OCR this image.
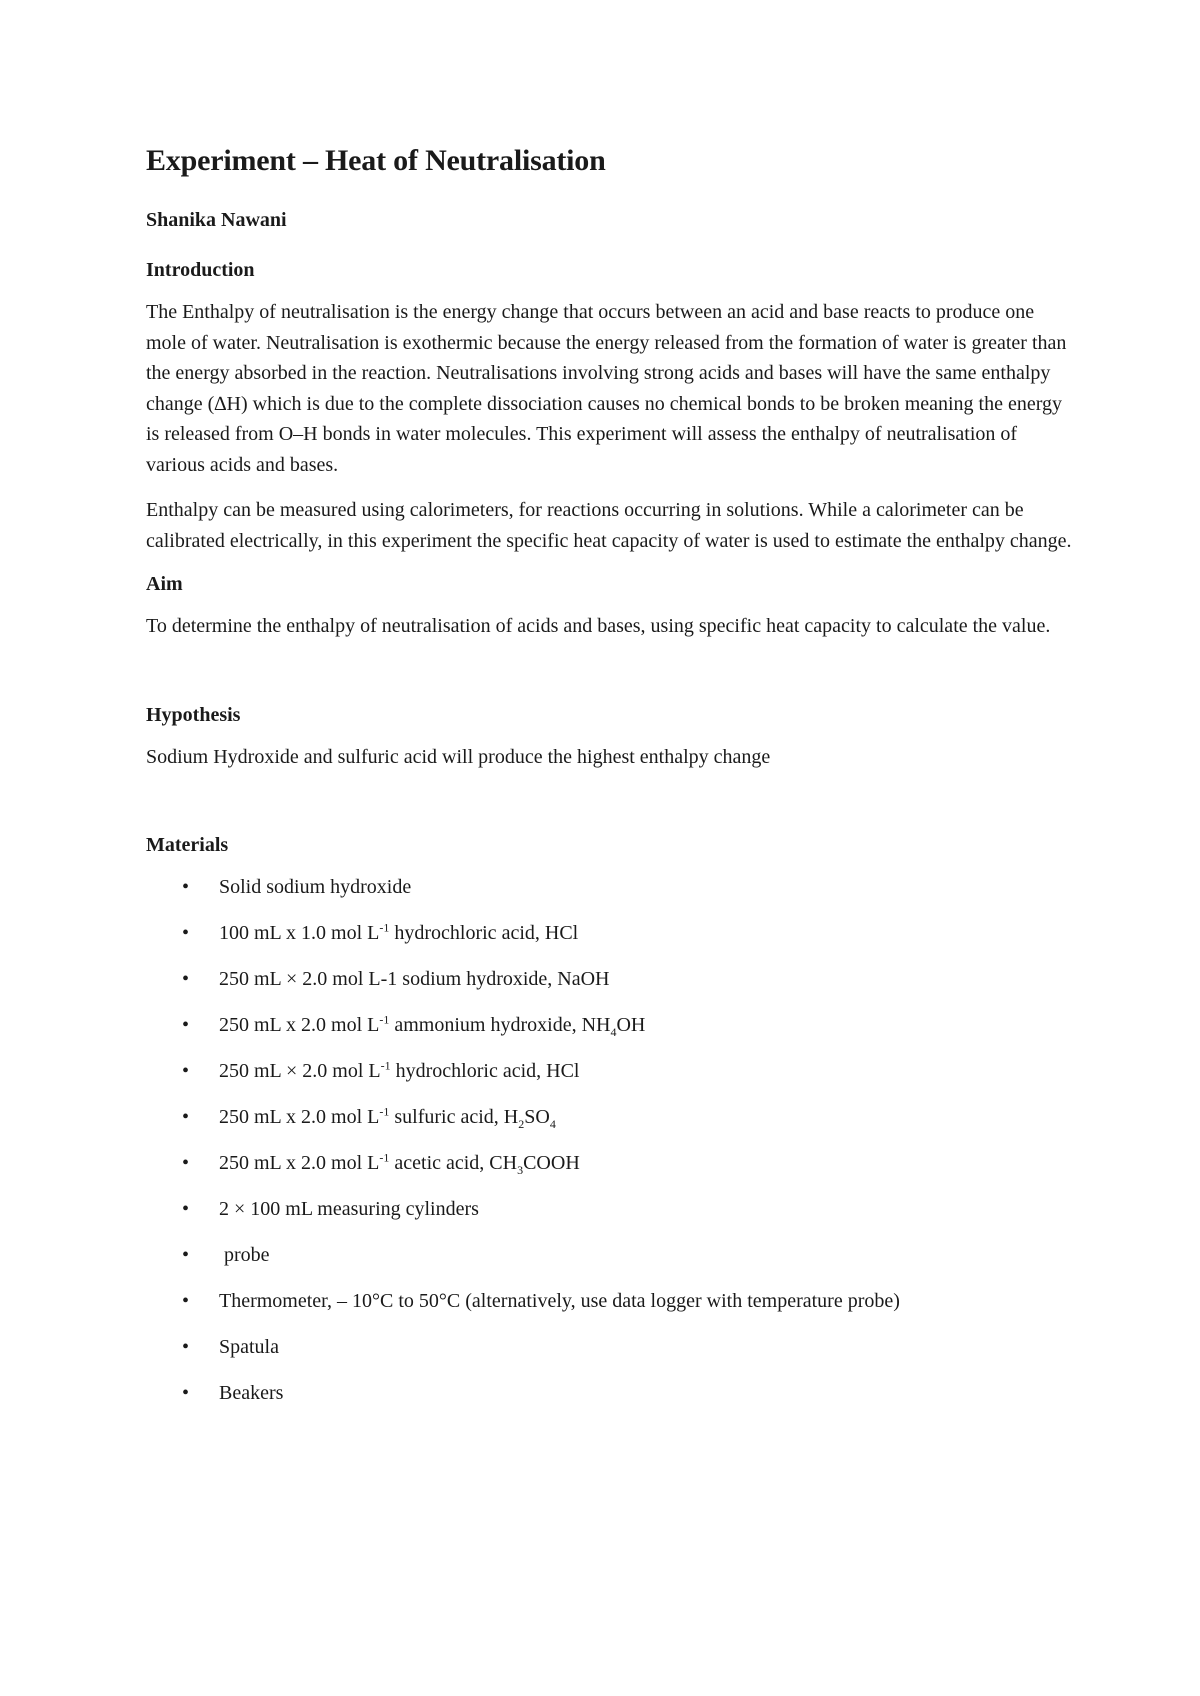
Experiment – Heat of Neutralisation
Shanika Nawani
Introduction

The Enthalpy of neutralisation is the energy change that occurs between an acid and base reacts to produce one mole of water. Neutralisation is exothermic because the energy released from the formation of water is greater than the energy absorbed in the reaction. Neutralisations involving strong acids and bases will have the same enthalpy change (∆H) which is due to the complete dissociation causes no chemical bonds to be broken meaning the energy is released from O–H bonds in water molecules. This experiment will assess the enthalpy of neutralisation of various acids and bases.

Enthalpy can be measured using calorimeters, for reactions occurring in solutions. While a calorimeter can be calibrated electrically, in this experiment the specific heat capacity of water is used to estimate the enthalpy change.

Aim

To determine the enthalpy of neutralisation of acids and bases, using specific heat capacity to calculate the value.

Hypothesis

Sodium Hydroxide and sulfuric acid will produce the highest enthalpy change

Materials
• Solid sodium hydroxide
• 100 mL x 1.0 mol $L^{-1}$ hydrochloric acid, HCl
• 250 mL × 2.0 mol L-1 sodium hydroxide, NaOH
• 250 mL x 2.0 mol $L^{-1}$ ammonium hydroxide, $NH_4OH$
• 250 mL × 2.0 mol $L^{-1}$ hydrochloric acid, HCl
• 250 mL x 2.0 mol $L^{-1}$ sulfuric acid, $H_2SO_4$
• 250 mL x 2.0 mol $L^{-1}$ acetic acid, $CH_3COOH$
• 2 × 100 mL measuring cylinders
• probe
• Thermometer, – 10°C to 50°C (alternatively, use data logger with temperature probe)
• Spatula
• Beakers
